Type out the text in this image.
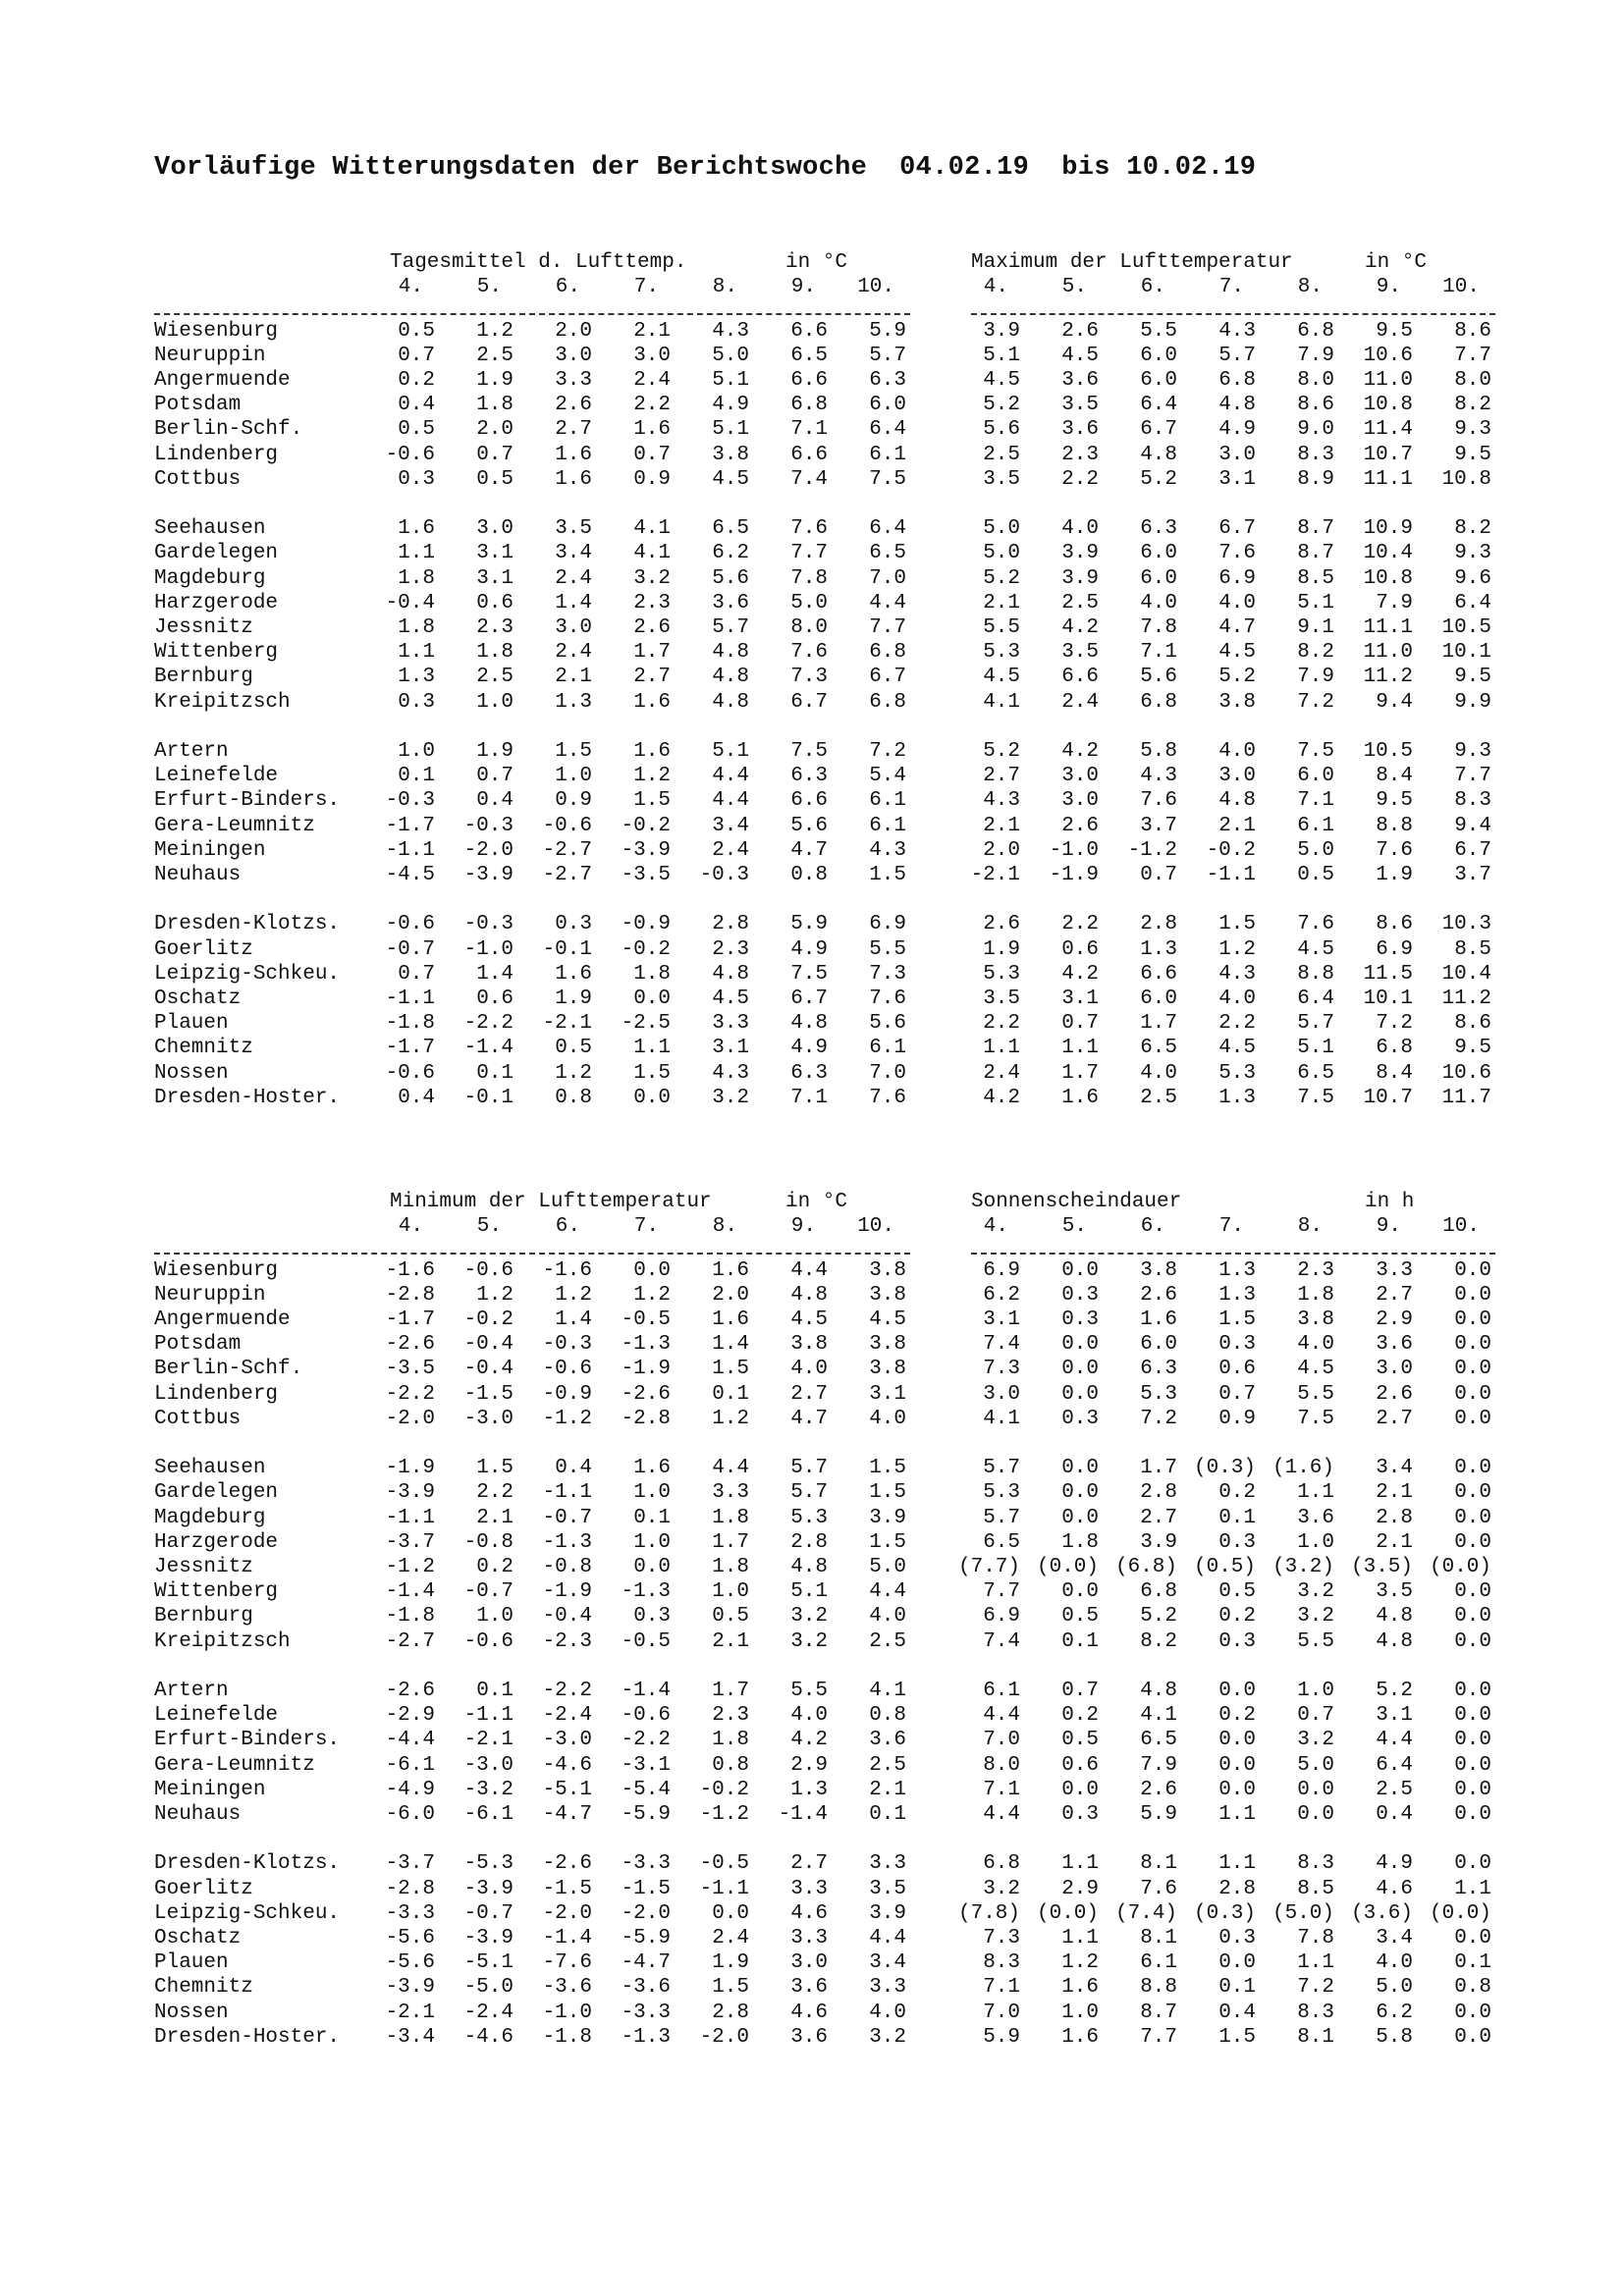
Vorläufige Witterungsdaten der Berichtswoche 04.02.19 bis 10.02.19
Tagesmittel d. Lufttemp.	in °C	Maximum der Lufttemperatur	in °C
4.	4.
5.	5.
6.	6.
7.	7.
8.	8.
9.	9.
10.	10.
Wiesenburg	0.5	1.2	2.0	2.1	4.3	6.6	5.9	3.9	2.6	5.5	4.3	6.8	9.5	8.6
Neuruppin	0.7	2.5	3.0	3.0	5.0	6.5	5.7	5.1	4.5	6.0	5.7	7.9	10.6	7.7
Angermuende	0.2	1.9	3.3	2.4	5.1	6.6	6.3	4.5	3.6	6.0	6.8	8.0	11.0	8.0
Potsdam	0.4	1.8	2.6	2.2	4.9	6.8	6.0	5.2	3.5	6.4	4.8	8.6	10.8	8.2
Berlin-Schf.	0.5	2.0	2.7	1.6	5.1	7.1	6.4	5.6	3.6	6.7	4.9	9.0	11.4	9.3
Lindenberg	-0.6	0.7	1.6	0.7	3.8	6.6	6.1	2.5	2.3	4.8	3.0	8.3	10.7	9.5
Cottbus	0.3	0.5	1.6	0.9	4.5	7.4	7.5	3.5	2.2	5.2	3.1	8.9	11.1	10.8
Seehausen	1.6	3.0	3.5	4.1	6.5	7.6	6.4	5.0	4.0	6.3	6.7	8.7	10.9	8.2
Gardelegen	1.1	3.1	3.4	4.1	6.2	7.7	6.5	5.0	3.9	6.0	7.6	8.7	10.4	9.3
Magdeburg	1.8	3.1	2.4	3.2	5.6	7.8	7.0	5.2	3.9	6.0	6.9	8.5	10.8	9.6
Harzgerode	-0.4	0.6	1.4	2.3	3.6	5.0	4.4	2.1	2.5	4.0	4.0	5.1	7.9	6.4
Jessnitz	1.8	2.3	3.0	2.6	5.7	8.0	7.7	5.5	4.2	7.8	4.7	9.1	11.1	10.5
Wittenberg	1.1	1.8	2.4	1.7	4.8	7.6	6.8	5.3	3.5	7.1	4.5	8.2	11.0	10.1
Bernburg	1.3	2.5	2.1	2.7	4.8	7.3	6.7	4.5	6.6	5.6	5.2	7.9	11.2	9.5
Kreipitzsch	0.3	1.0	1.3	1.6	4.8	6.7	6.8	4.1	2.4	6.8	3.8	7.2	9.4	9.9
Artern	1.0	1.9	1.5	1.6	5.1	7.5	7.2	5.2	4.2	5.8	4.0	7.5	10.5	9.3
Leinefelde	0.1	0.7	1.0	1.2	4.4	6.3	5.4	2.7	3.0	4.3	3.0	6.0	8.4	7.7
Erfurt-Binders.	-0.3	0.4	0.9	1.5	4.4	6.6	6.1	4.3	3.0	7.6	4.8	7.1	9.5	8.3
Gera-Leumnitz	-1.7	-0.3	-0.6	-0.2	3.4	5.6	6.1	2.1	2.6	3.7	2.1	6.1	8.8	9.4
Meiningen	-1.1	-2.0	-2.7	-3.9	2.4	4.7	4.3	2.0	-1.0	-1.2	-0.2	5.0	7.6	6.7
Neuhaus	-4.5	-3.9	-2.7	-3.5	-0.3	0.8	1.5	-2.1	-1.9	0.7	-1.1	0.5	1.9	3.7
Dresden-Klotzs.	-0.6	-0.3	0.3	-0.9	2.8	5.9	6.9	2.6	2.2	2.8	1.5	7.6	8.6	10.3
Goerlitz	-0.7	-1.0	-0.1	-0.2	2.3	4.9	5.5	1.9	0.6	1.3	1.2	4.5	6.9	8.5
Leipzig-Schkeu.	0.7	1.4	1.6	1.8	4.8	7.5	7.3	5.3	4.2	6.6	4.3	8.8	11.5	10.4
Oschatz	-1.1	0.6	1.9	0.0	4.5	6.7	7.6	3.5	3.1	6.0	4.0	6.4	10.1	11.2
Plauen	-1.8	-2.2	-2.1	-2.5	3.3	4.8	5.6	2.2	0.7	1.7	2.2	5.7	7.2	8.6
Chemnitz	-1.7	-1.4	0.5	1.1	3.1	4.9	6.1	1.1	1.1	6.5	4.5	5.1	6.8	9.5
Nossen	-0.6	0.1	1.2	1.5	4.3	6.3	7.0	2.4	1.7	4.0	5.3	6.5	8.4	10.6
Dresden-Hoster.	0.4	-0.1	0.8	0.0	3.2	7.1	7.6	4.2	1.6	2.5	1.3	7.5	10.7	11.7
Minimum der Lufttemperatur	in °C	Sonnenscheindauer	in h
4.	4.
5.	5.
6.	6.
7.	7.
8.	8.
9.	9.
10.	10.
Wiesenburg	-1.6	-0.6	-1.6	0.0	1.6	4.4	3.8	6.9	0.0	3.8	1.3	2.3	3.3	0.0
Neuruppin	-2.8	1.2	1.2	1.2	2.0	4.8	3.8	6.2	0.3	2.6	1.3	1.8	2.7	0.0
Angermuende	-1.7	-0.2	1.4	-0.5	1.6	4.5	4.5	3.1	0.3	1.6	1.5	3.8	2.9	0.0
Potsdam	-2.6	-0.4	-0.3	-1.3	1.4	3.8	3.8	7.4	0.0	6.0	0.3	4.0	3.6	0.0
Berlin-Schf.	-3.5	-0.4	-0.6	-1.9	1.5	4.0	3.8	7.3	0.0	6.3	0.6	4.5	3.0	0.0
Lindenberg	-2.2	-1.5	-0.9	-2.6	0.1	2.7	3.1	3.0	0.0	5.3	0.7	5.5	2.6	0.0
Cottbus	-2.0	-3.0	-1.2	-2.8	1.2	4.7	4.0	4.1	0.3	7.2	0.9	7.5	2.7	0.0
Seehausen	-1.9	1.5	0.4	1.6	4.4	5.7	1.5	5.7	0.0	1.7 (0.3) (1.6)	3.4	0.0
Gardelegen	-3.9	2.2	-1.1	1.0	3.3	5.7	1.5	5.3	0.0	2.8	0.2	1.1	2.1	0.0
Magdeburg	-1.1	2.1	-0.7	0.1	1.8	5.3	3.9	5.7	0.0	2.7	0.1	3.6	2.8	0.0
Harzgerode	-3.7	-0.8	-1.3	1.0	1.7	2.8	1.5	6.5	1.8	3.9	0.3	1.0	2.1	0.0
Jessnitz	-1.2	0.2	-0.8	0.0	1.8	4.8	5.0	(7.7) (0.0) (6.8) (0.5) (3.2) (3.5) (0.0)
Wittenberg	-1.4	-0.7	-1.9	-1.3	1.0	5.1	4.4	7.7	0.0	6.8	0.5	3.2	3.5	0.0
Bernburg	-1.8	1.0	-0.4	0.3	0.5	3.2	4.0	6.9	0.5	5.2	0.2	3.2	4.8	0.0
Kreipitzsch	-2.7	-0.6	-2.3	-0.5	2.1	3.2	2.5	7.4	0.1	8.2	0.3	5.5	4.8	0.0
Artern	-2.6	0.1	-2.2	-1.4	1.7	5.5	4.1	6.1	0.7	4.8	0.0	1.0	5.2	0.0
Leinefelde	-2.9	-1.1	-2.4	-0.6	2.3	4.0	0.8	4.4	0.2	4.1	0.2	0.7	3.1	0.0
Erfurt-Binders.	-4.4	-2.1	-3.0	-2.2	1.8	4.2	3.6	7.0	0.5	6.5	0.0	3.2	4.4	0.0
Gera-Leumnitz	-6.1	-3.0	-4.6	-3.1	0.8	2.9	2.5	8.0	0.6	7.9	0.0	5.0	6.4	0.0
Meiningen	-4.9	-3.2	-5.1	-5.4	-0.2	1.3	2.1	7.1	0.0	2.6	0.0	0.0	2.5	0.0
Neuhaus	-6.0	-6.1	-4.7	-5.9	-1.2	-1.4	0.1	4.4	0.3	5.9	1.1	0.0	0.4	0.0
Dresden-Klotzs.	-3.7	-5.3	-2.6	-3.3	-0.5	2.7	3.3	6.8	1.1	8.1	1.1	8.3	4.9	0.0
Goerlitz	-2.8	-3.9	-1.5	-1.5	-1.1	3.3	3.5	3.2	2.9	7.6	2.8	8.5	4.6	1.1
Leipzig-Schkeu.	-3.3	-0.7	-2.0	-2.0	0.0	4.6	3.9	(7.8) (0.0) (7.4) (0.3) (5.0) (3.6) (0.0)
Oschatz	-5.6	-3.9	-1.4	-5.9	2.4	3.3	4.4	7.3	1.1	8.1	0.3	7.8	3.4	0.0
Plauen	-5.6	-5.1	-7.6	-4.7	1.9	3.0	3.4	8.3	1.2	6.1	0.0	1.1	4.0	0.1
Chemnitz	-3.9	-5.0	-3.6	-3.6	1.5	3.6	3.3	7.1	1.6	8.8	0.1	7.2	5.0	0.8
Nossen	-2.1	-2.4	-1.0	-3.3	2.8	4.6	4.0	7.0	1.0	8.7	0.4	8.3	6.2	0.0
Dresden-Hoster.	-3.4	-4.6	-1.8	-1.3	-2.0	3.6	3.2	5.9	1.6	7.7	1.5	8.1	5.8	0.0
